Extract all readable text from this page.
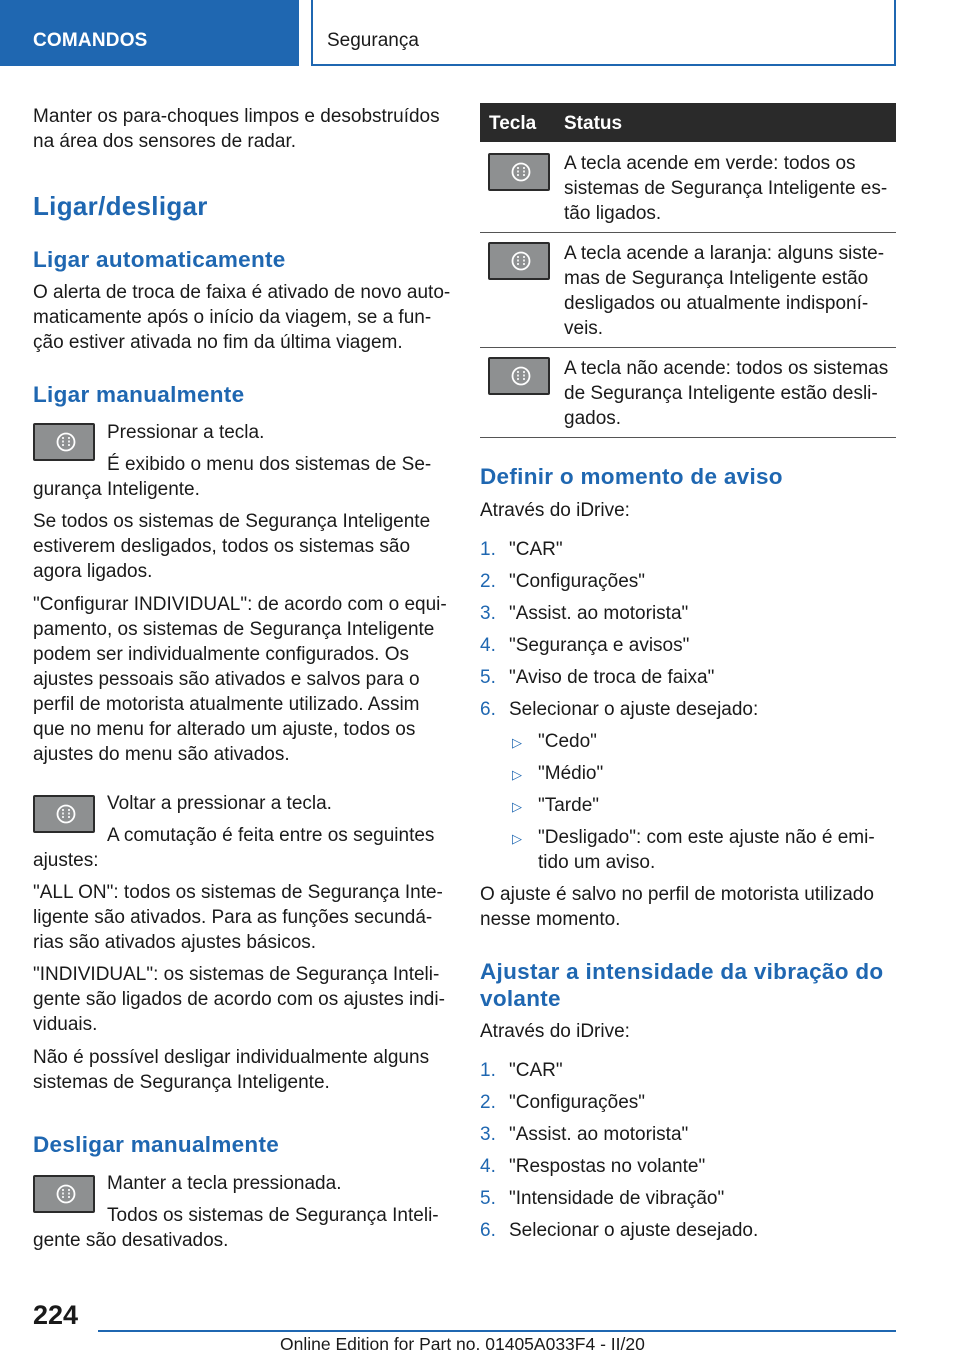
COMANDOS	Segurança
Manter os para-choques limpos e desobstruídos
na área dos sensores de radar.
Ligar/desligar
Ligar automaticamente
O alerta de troca de faixa é ativado de novo auto-
maticamente após o início da viagem, se a fun-
ção estiver ativada no fim da última viagem.
Ligar manualmente
Pressionar a tecla.
É exibido o menu dos sistemas de Se-
gurança Inteligente.
Se todos os sistemas de Segurança Inteligente
estiverem desligados, todos os sistemas são
agora ligados.
"Configurar INDIVIDUAL": de acordo com o equi-
pamento, os sistemas de Segurança Inteligente
podem ser individualmente configurados. Os
ajustes pessoais são ativados e salvos para o
perfil de motorista atualmente utilizado. Assim
que no menu for alterado um ajuste, todos os
ajustes do menu são ativados.
Voltar a pressionar a tecla.
A comutação é feita entre os seguintes
ajustes:
"ALL ON": todos os sistemas de Segurança Inte-
ligente são ativados. Para as funções secundá-
rias são ativados ajustes básicos.
"INDIVIDUAL": os sistemas de Segurança Inteli-
gente são ligados de acordo com os ajustes indi-
viduais.
Não é possível desligar individualmente alguns
sistemas de Segurança Inteligente.
Desligar manualmente
Manter a tecla pressionada.
Todos os sistemas de Segurança Inteli-
gente são desativados.
Tecla Status
A tecla acende em verde: todos os
sistemas de Segurança Inteligente es-
tão ligados.
A tecla acende a laranja: alguns siste-
mas de Segurança Inteligente estão
desligados ou atualmente indisponí-
veis.
A tecla não acende: todos os sistemas
de Segurança Inteligente estão desli-
gados.
Definir o momento de aviso
Através do iDrive:
1. "CAR"
2. "Configurações"
3. "Assist. ao motorista"
4. "Segurança e avisos"
5. "Aviso de troca de faixa"
6. Selecionar o ajuste desejado:
▷ "Cedo"
▷ "Médio"
▷ "Tarde"
▷ "Desligado": com este ajuste não é emi-
tido um aviso.
O ajuste é salvo no perfil de motorista utilizado
nesse momento.
Ajustar a intensidade da vibração do
volante
Através do iDrive:
1. "CAR"
2. "Configurações"
3. "Assist. ao motorista"
4. "Respostas no volante"
5. "Intensidade de vibração"
6. Selecionar o ajuste desejado.
224
Online Edition for Part no. 01405A033F4 - II/20
